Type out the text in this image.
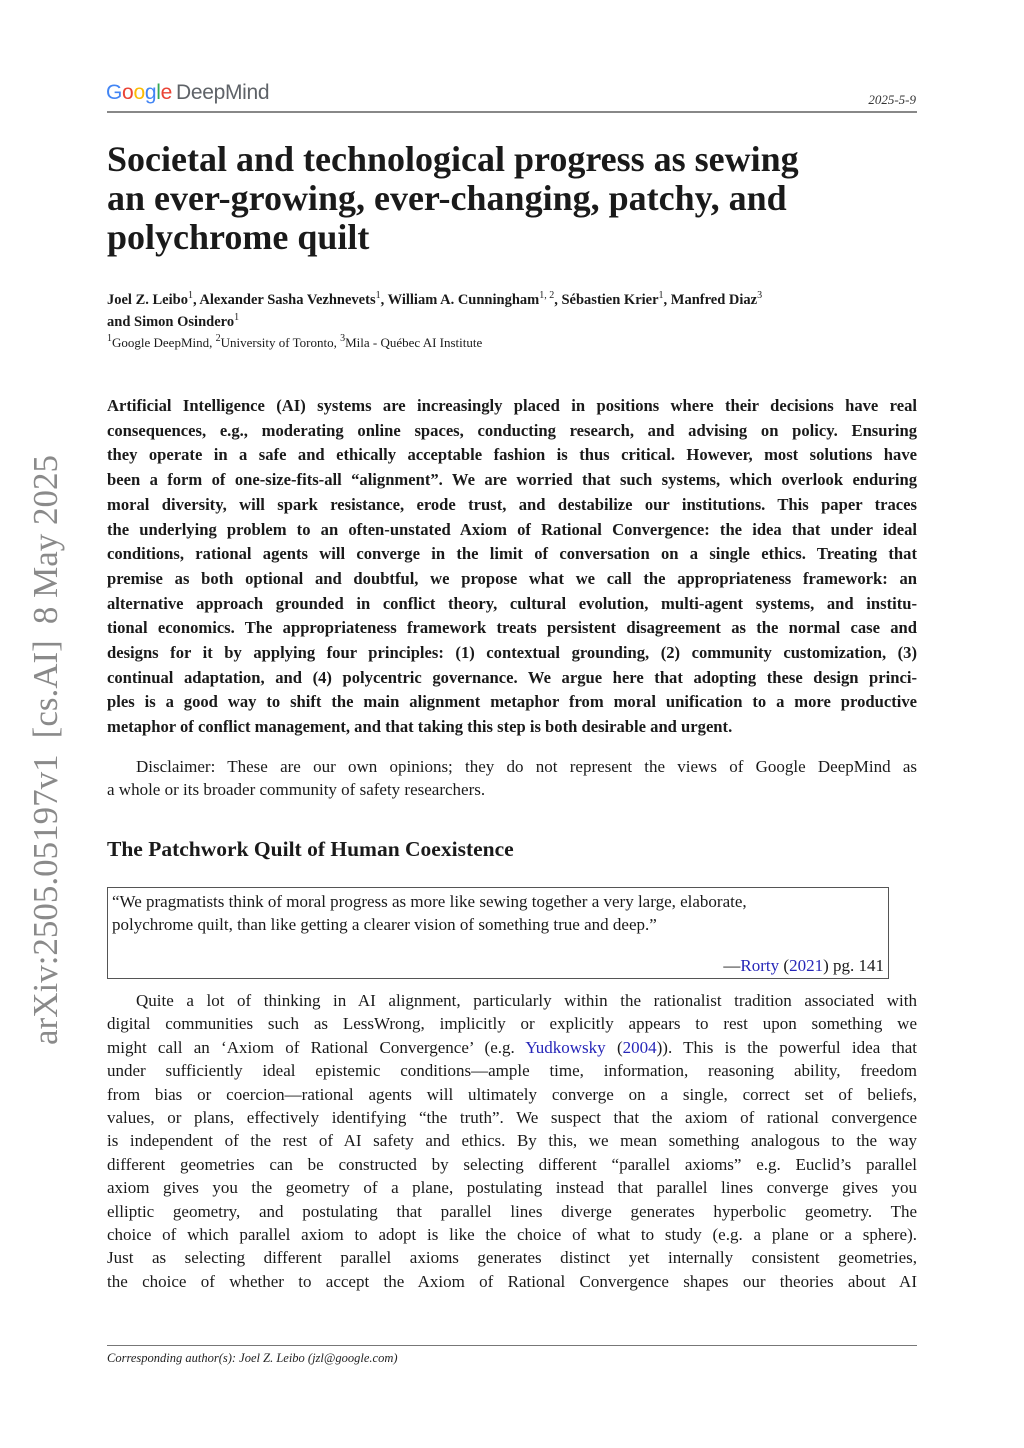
Google DeepMind	2025-5-9
arXiv:2505.05197v1[cs.AI]8 May 2025
Societal and technological progress as sewing
an ever-growing, ever-changing, patchy, and
polychrome quilt
Joel Z. Leibo$^1$, Alexander Sasha Vezhnevets$^1$, William A. Cunningham$^{1, 2}$, Sébastien Krier$^1$, Manfred Diaz$^3$
and Simon Osindero$^1$
$^1$Google DeepMind, $^2$University of Toronto, $^3$Mila - Québec AI Institute
Artificial Intelligence (AI) systems are increasingly placed in positions where their decisions have real
consequences, e.g., moderating online spaces, conducting research, and advising on policy. Ensuring
they operate in a safe and ethically acceptable fashion is thus critical. However, most solutions have
been a form of one-size-fits-all “alignment”. We are worried that such systems, which overlook enduring
moral diversity, will spark resistance, erode trust, and destabilize our institutions. This paper traces
the underlying problem to an often-unstated Axiom of Rational Convergence: the idea that under ideal
conditions, rational agents will converge in the limit of conversation on a single ethics. Treating that
premise as both optional and doubtful, we propose what we call the appropriateness framework: an
alternative approach grounded in conflict theory, cultural evolution, multi-agent systems, and institu-
tional economics. The appropriateness framework treats persistent disagreement as the normal case and
designs for it by applying four principles: (1) contextual grounding, (2) community customization, (3)
continual adaptation, and (4) polycentric governance. We argue here that adopting these design princi-
ples is a good way to shift the main alignment metaphor from moral unification to a more productive
metaphor of conflict management, and that taking this step is both desirable and urgent.
Disclaimer: These are our own opinions; they do not represent the views of Google DeepMind as
a whole or its broader community of safety researchers.
The Patchwork Quilt of Human Coexistence
“We pragmatists think of moral progress as more like sewing together a very large, elaborate,
polychrome quilt, than like getting a clearer vision of something true and deep.”
—Rorty (2021) pg. 141
Quite a lot of thinking in AI alignment, particularly within the rationalist tradition associated with
digital communities such as LessWrong, implicitly or explicitly appears to rest upon something we
might call an ‘Axiom of Rational Convergence’ (e.g. Yudkowsky (2004)). This is the powerful idea that
under sufficiently ideal epistemic conditions—ample time, information, reasoning ability, freedom
from bias or coercion—rational agents will ultimately converge on a single, correct set of beliefs,
values, or plans, effectively identifying “the truth”. We suspect that the axiom of rational convergence
is independent of the rest of AI safety and ethics. By this, we mean something analogous to the way
different geometries can be constructed by selecting different “parallel axioms” e.g. Euclid’s parallel
axiom gives you the geometry of a plane, postulating instead that parallel lines converge gives you
elliptic geometry, and postulating that parallel lines diverge generates hyperbolic geometry. The
choice of which parallel axiom to adopt is like the choice of what to study (e.g. a plane or a sphere).
Just as selecting different parallel axioms generates distinct yet internally consistent geometries,
the choice of whether to accept the Axiom of Rational Convergence shapes our theories about AI
Corresponding author(s): Joel Z. Leibo (jzl@google.com)
